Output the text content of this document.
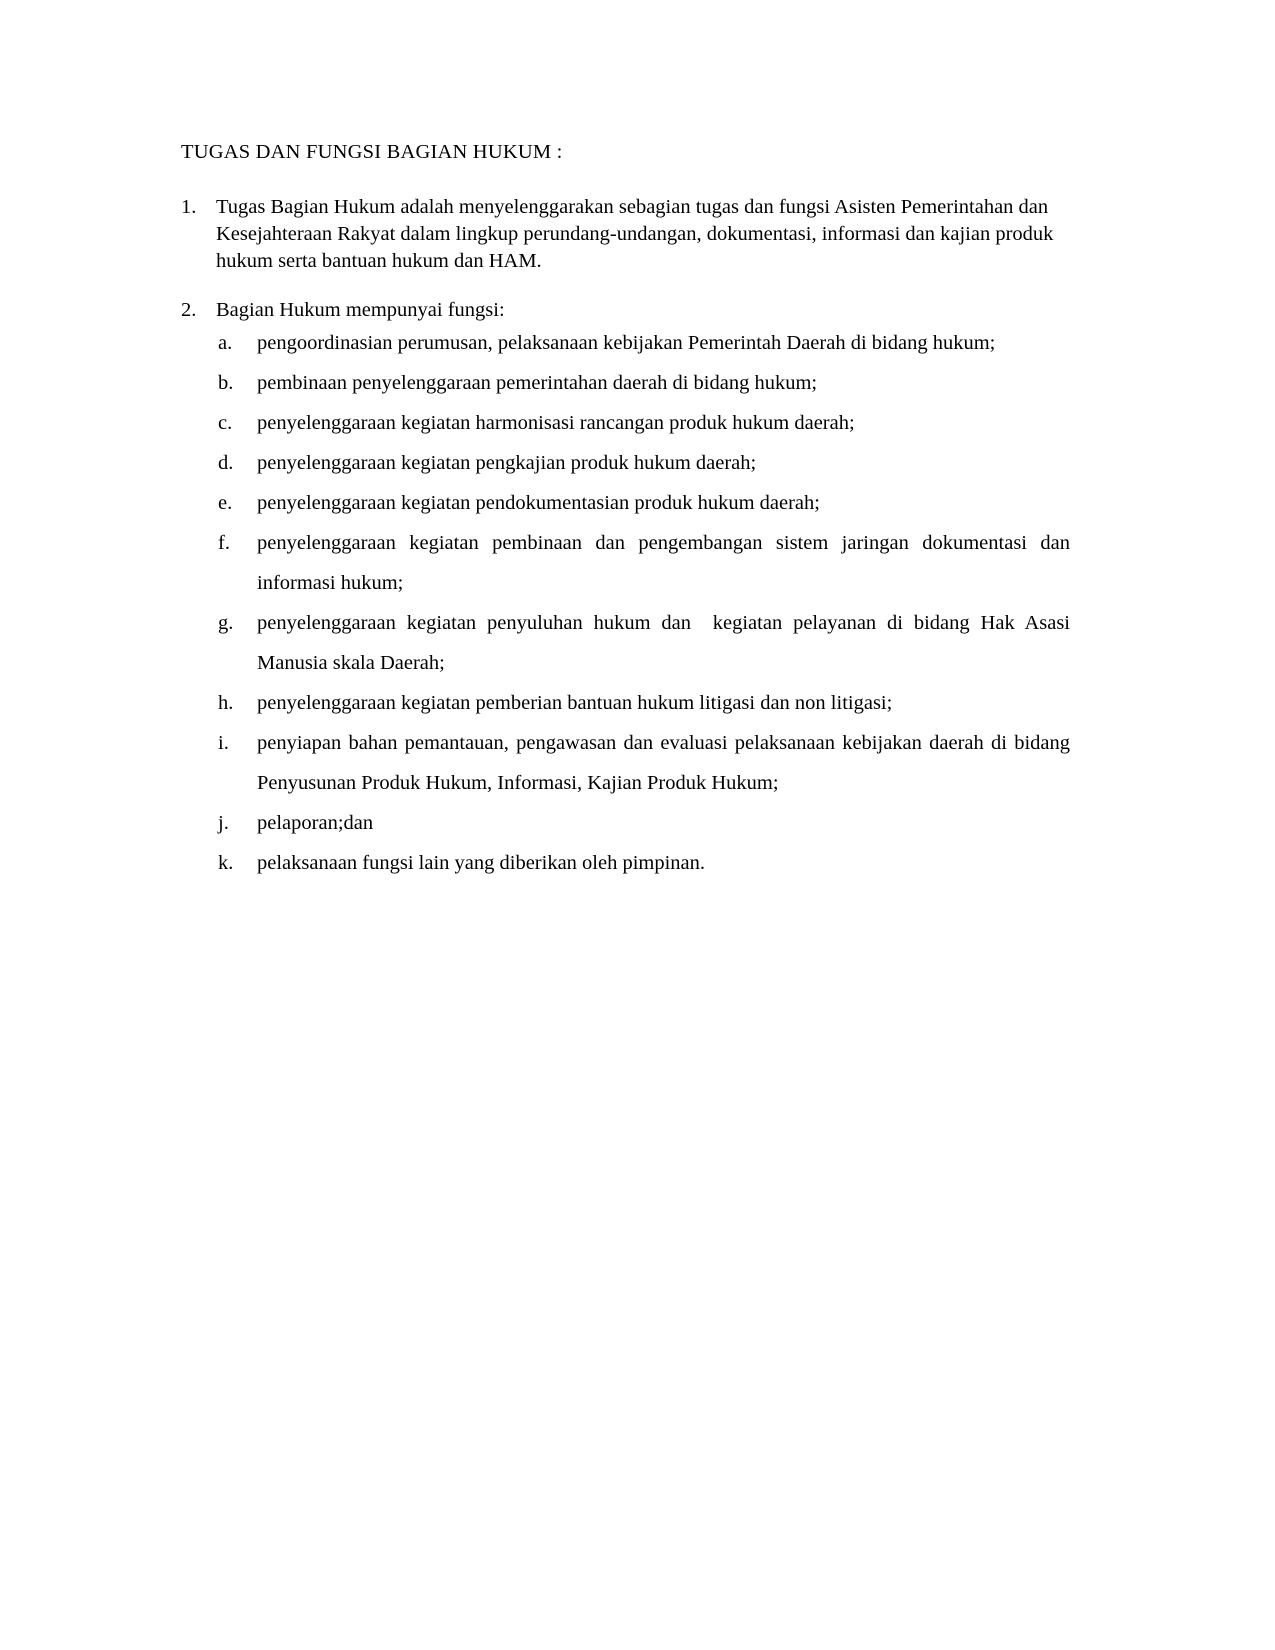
TUGAS DAN FUNGSI BAGIAN HUKUM :

1. Tugas Bagian Hukum adalah menyelenggarakan sebagian tugas dan fungsi Asisten Pemerintahan dan Kesejahteraan Rakyat dalam lingkup perundang-undangan, dokumentasi, informasi dan kajian produk hukum serta bantuan hukum dan HAM.
2. Bagian Hukum mempunyai fungsi:
a.	pengoordinasian perumusan, pelaksanaan kebijakan Pemerintah Daerah di bidang hukum;
b.	pembinaan penyelenggaraan pemerintahan daerah di bidang hukum;
c.	penyelenggaraan kegiatan harmonisasi rancangan produk hukum daerah;
d.	penyelenggaraan kegiatan pengkajian produk hukum daerah;
e.	penyelenggaraan kegiatan pendokumentasian produk hukum daerah;
f.	penyelenggaraan kegiatan pembinaan dan pengembangan sistem jaringan dokumentasi dan informasi hukum;
g.	penyelenggaraan kegiatan penyuluhan hukum dan  kegiatan pelayanan di bidang Hak Asasi Manusia skala Daerah;
h.	penyelenggaraan kegiatan pemberian bantuan hukum litigasi dan non litigasi;
i.	penyiapan bahan pemantauan, pengawasan dan evaluasi pelaksanaan kebijakan daerah di bidang Penyusunan Produk Hukum, Informasi, Kajian Produk Hukum;
j.	pelaporan;dan
k.	pelaksanaan fungsi lain yang diberikan oleh pimpinan.
